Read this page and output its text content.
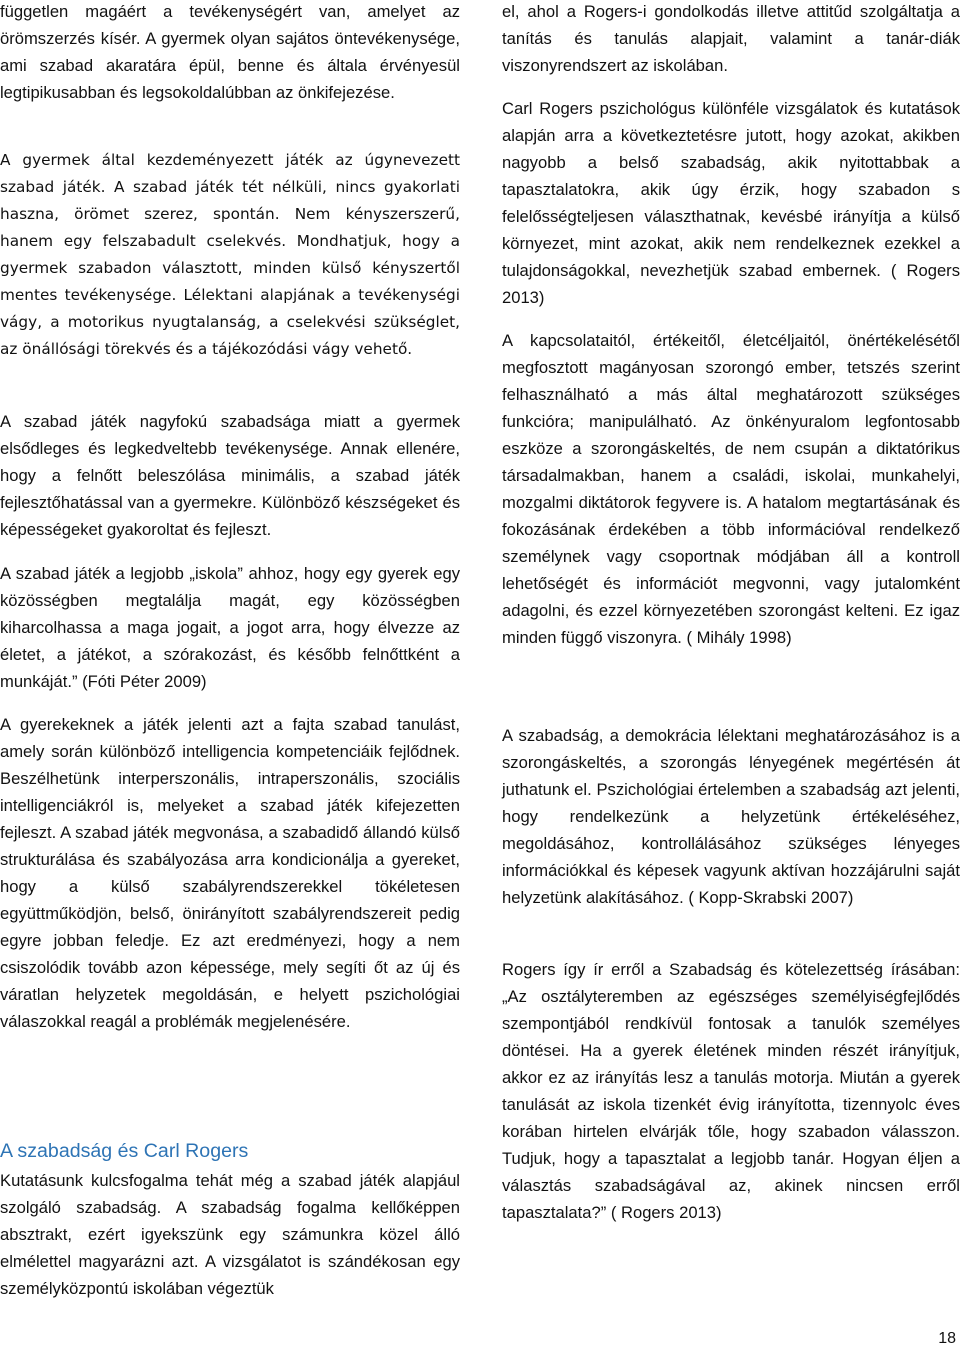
független magáért a tevékenységért van, amelyet az örömszerzés kísér. A gyermek olyan sajátos öntevékenysége, ami szabad akaratára épül, benne és általa érvényesül legtipikusabban és legsokoldalúbban az önkifejezése.

A gyermek által kezdeményezett játék az úgynevezett szabad játék. A szabad játék tét nélküli, nincs gyakorlati haszna, örömet szerez, spontán. Nem kényszerszerű, hanem egy felszabadult cselekvés. Mondhatjuk, hogy a gyermek szabadon választott, minden külső kényszertől mentes tevékenysége. Lélektani alapjának a tevékenységi vágy, a motorikus nyugtalanság, a cselekvési szükséglet, az önállósági törekvés és a tájékozódási vágy vehető.

A szabad játék nagyfokú szabadsága miatt a gyermek elsődleges és legkedveltebb tevékenysége. Annak ellenére, hogy a felnőtt beleszólása minimális, a szabad játék fejlesztőhatással van a gyermekre. Különböző készségeket és képességeket gyakoroltat és fejleszt.

A szabad játék a legjobb „iskola” ahhoz, hogy egy gyerek egy közösségben megtalálja magát, egy közösségben kiharcolhassa a maga jogait, a jogot arra, hogy élvezze az életet, a játékot, a szórakozást, és később felnőttként a munkáját.” (Fóti Péter 2009)

A gyerekeknek a játék jelenti azt a fajta szabad tanulást, amely során különböző intelligencia kompetenciáik fejlődnek. Beszélhetünk interperszonális, intraperszonális, szociális intelligenciákról is, melyeket a szabad játék kifejezetten fejleszt. A szabad játék megvonása, a szabadidő állandó külső strukturálása és szabályozása arra kondicionálja a gyereket, hogy a külső szabályrendszerekkel tökéletesen együttműködjön, belső, önirányított szabályrendszereit pedig egyre jobban feledje. Ez azt eredményezi, hogy a nem csiszolódik tovább azon képessége, mely segíti őt az új és váratlan helyzetek megoldásán, e helyett pszichológiai válaszokkal reagál a problémák megjelenésére.

A szabadság és Carl Rogers

Kutatásunk kulcsfogalma tehát még a szabad játék alapjául szolgáló szabadság. A szabadság fogalma kellőképpen absztrakt, ezért igyekszünk egy számunkra közel álló elmélettel magyarázni azt. A vizsgálatot is szándékosan egy személyközpontú iskolában végeztük

el, ahol a Rogers-i gondolkodás illetve attitűd szolgáltatja a tanítás és tanulás alapjait, valamint a tanár-diák viszonyrendszert az iskolában.

Carl Rogers pszichológus különféle vizsgálatok és kutatások alapján arra a következtetésre jutott, hogy azokat, akikben nagyobb a belső szabadság, akik nyitottabbak a tapasztalatokra, akik úgy érzik, hogy szabadon s felelősségteljesen választhatnak, kevésbé irányítja a külső környezet, mint azokat, akik nem rendelkeznek ezekkel a tulajdonságokkal, nevezhetjük szabad embernek. ( Rogers 2013)

A kapcsolataitól, értékeitől, életcéljaitól, önértékelésétől megfosztott magányosan szorongó ember, tetszés szerint felhasználható a más által meghatározott szükséges funkcióra; manipulálható. Az önkényuralom legfontosabb eszköze a szorongáskeltés, de nem csupán a diktatórikus társadalmakban, hanem a családi, iskolai, munkahelyi, mozgalmi diktátorok fegyvere is. A hatalom megtartásának és fokozásának érdekében a több információval rendelkező személynek vagy csoportnak módjában áll a kontroll lehetőségét és információt megvonni, vagy jutalomként adagolni, és ezzel környezetében szorongást kelteni. Ez igaz minden függő viszonyra. ( Mihály 1998)

A szabadság, a demokrácia lélektani meghatározásához is a szorongáskeltés, a szorongás lényegének megértésén át juthatunk el. Pszichológiai értelemben a szabadság azt jelenti, hogy rendelkezünk a helyzetünk értékeléséhez, megoldásához, kontrollálásához szükséges lényeges információkkal és képesek vagyunk aktívan hozzájárulni saját helyzetünk alakításához. ( Kopp-Skrabski 2007)

Rogers így ír erről a Szabadság és kötelezettség írásában: „Az osztályteremben az egészséges személyiségfejlődés szempontjából rendkívül fontosak a tanulók személyes döntései. Ha a gyerek életének minden részét irányítjuk, akkor ez az irányítás lesz a tanulás motorja. Miután a gyerek tanulását az iskola tizenkét évig irányította, tizennyolc éves korában hirtelen elvárják tőle, hogy szabadon válasszon. Tudjuk, hogy a tapasztalat a legjobb tanár. Hogyan éljen a választás szabadságával az, akinek nincsen erről tapasztalata?” ( Rogers 2013)

18
